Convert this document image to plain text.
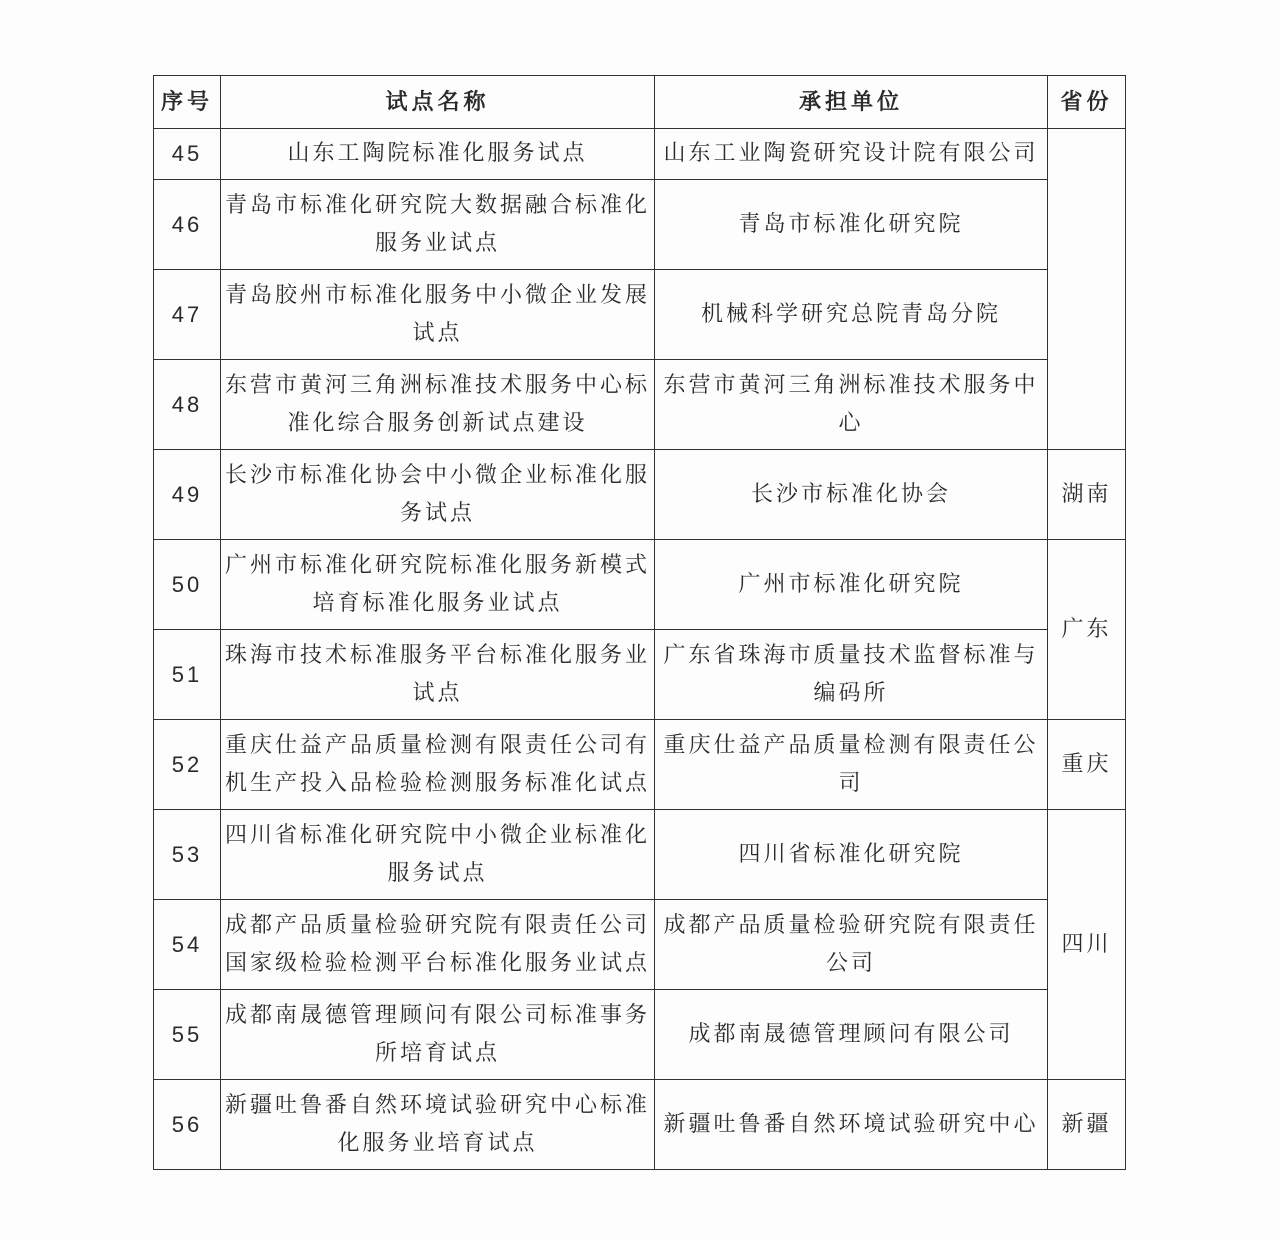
序号	试点名称	承担单位	省份
45	山东工陶院标准化服务试点	山东工业陶瓷研究设计院有限公司	
46	青岛市标准化研究院大数据融合标准化服务业试点	青岛市标准化研究院	
47	青岛胶州市标准化服务中小微企业发展试点	机械科学研究总院青岛分院	
48	东营市黄河三角洲标准技术服务中心标准化综合服务创新试点建设	东营市黄河三角洲标准技术服务中心	
49	长沙市标准化协会中小微企业标准化服务试点	长沙市标准化协会	湖南
50	广州市标准化研究院标准化服务新模式培育标准化服务业试点	广州市标准化研究院	广东
51	珠海市技术标准服务平台标准化服务业试点	广东省珠海市质量技术监督标准与编码所	
52	重庆仕益产品质量检测有限责任公司有机生产投入品检验检测服务标准化试点	重庆仕益产品质量检测有限责任公司	重庆
53	四川省标准化研究院中小微企业标准化服务试点	四川省标准化研究院	四川
54	成都产品质量检验研究院有限责任公司国家级检验检测平台标准化服务业试点	成都产品质量检验研究院有限责任公司	
55	成都南晟德管理顾问有限公司标准事务所培育试点	成都南晟德管理顾问有限公司	
56	新疆吐鲁番自然环境试验研究中心标准化服务业培育试点	新疆吐鲁番自然环境试验研究中心	新疆
